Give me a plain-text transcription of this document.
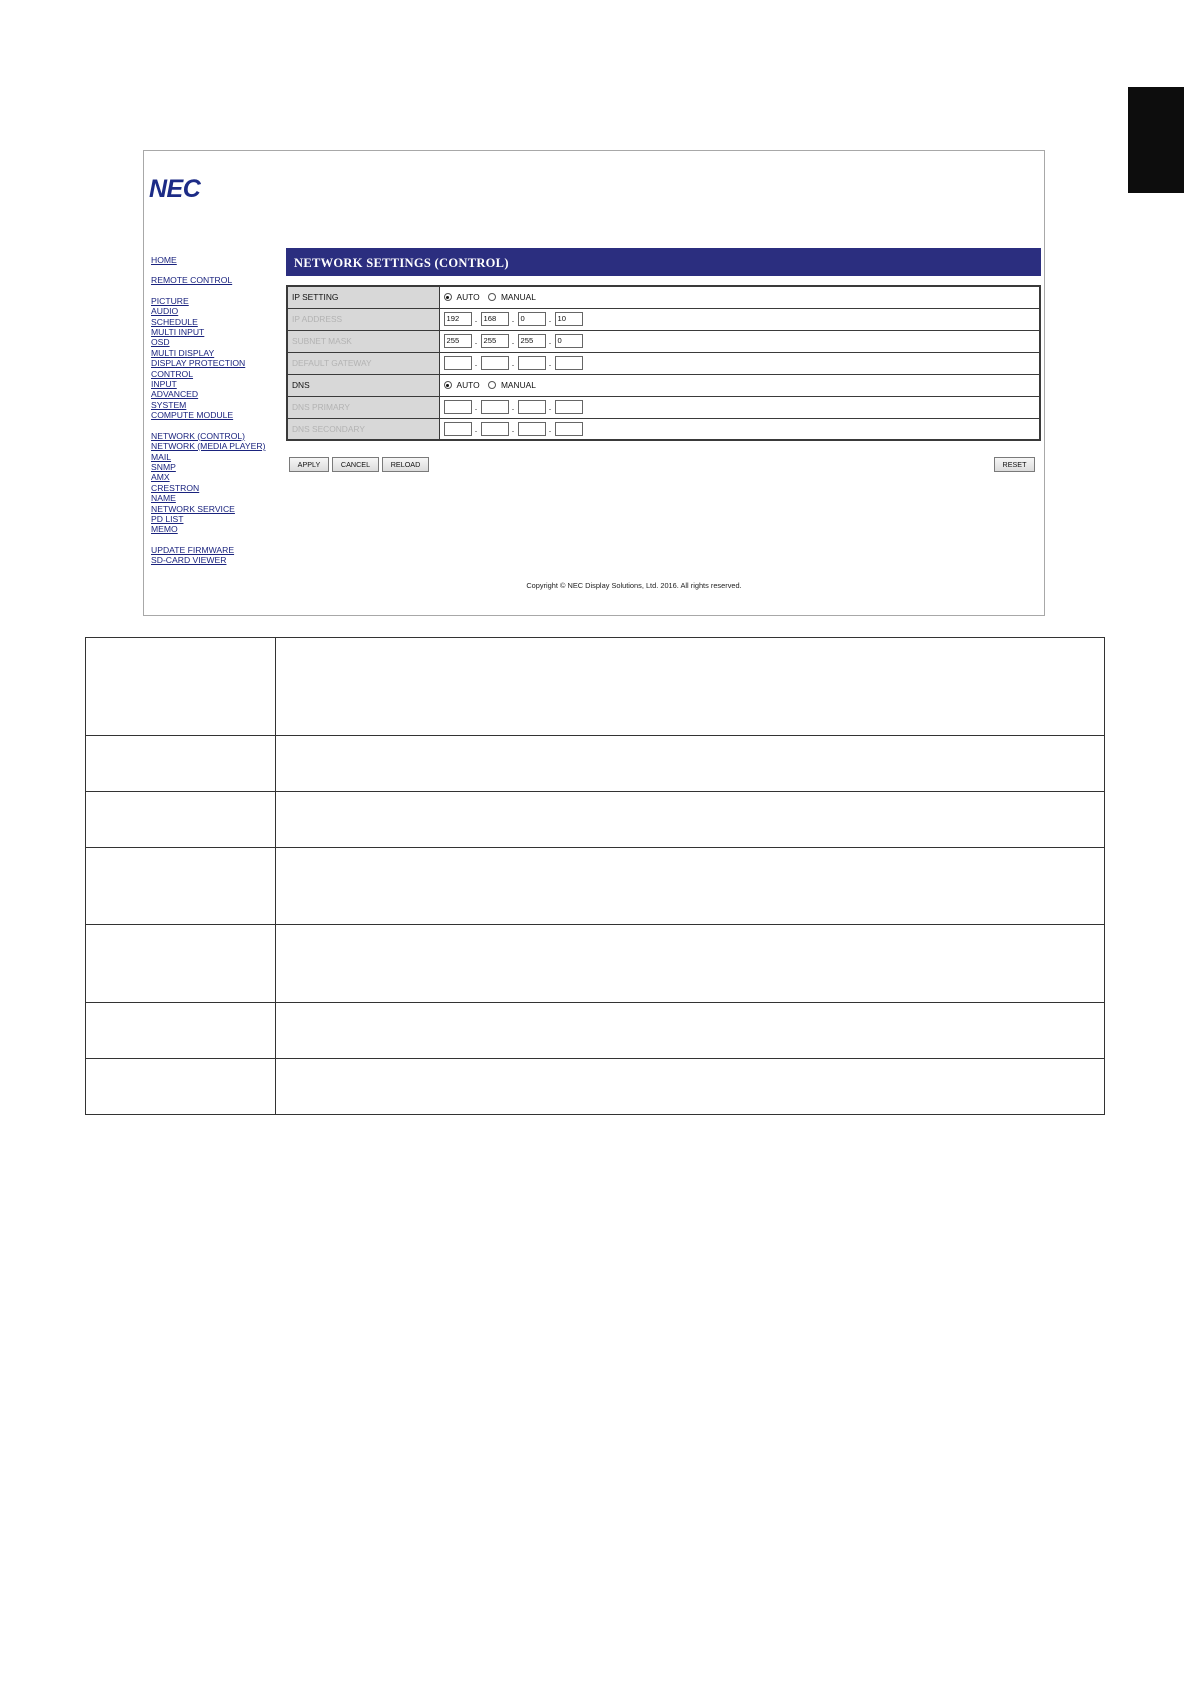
NEC
HOME
REMOTE CONTROL
PICTURE
AUDIO
SCHEDULE
MULTI INPUT
OSD
MULTI DISPLAY
DISPLAY PROTECTION
CONTROL
INPUT
ADVANCED
SYSTEM
COMPUTE MODULE
NETWORK (CONTROL)
NETWORK (MEDIA PLAYER)
MAIL
SNMP
AMX
CRESTRON
NAME
NETWORK SERVICE
PD LIST
MEMO
UPDATE FIRMWARE
SD-CARD VIEWER
NETWORK SETTINGS (CONTROL)
IP SETTING	AUTO MANUAL
IP ADDRESS	192 . 168 . 0 . 10
SUBNET MASK	255 . 255 . 255 . 0
DEFAULT GATEWAY	. . .
DNS	AUTO MANUAL
DNS PRIMARY	. . .
DNS SECONDARY	. . .
APPLY	CANCEL	RELOAD	RESET
Copyright © NEC Display Solutions, Ltd. 2016. All rights reserved.
